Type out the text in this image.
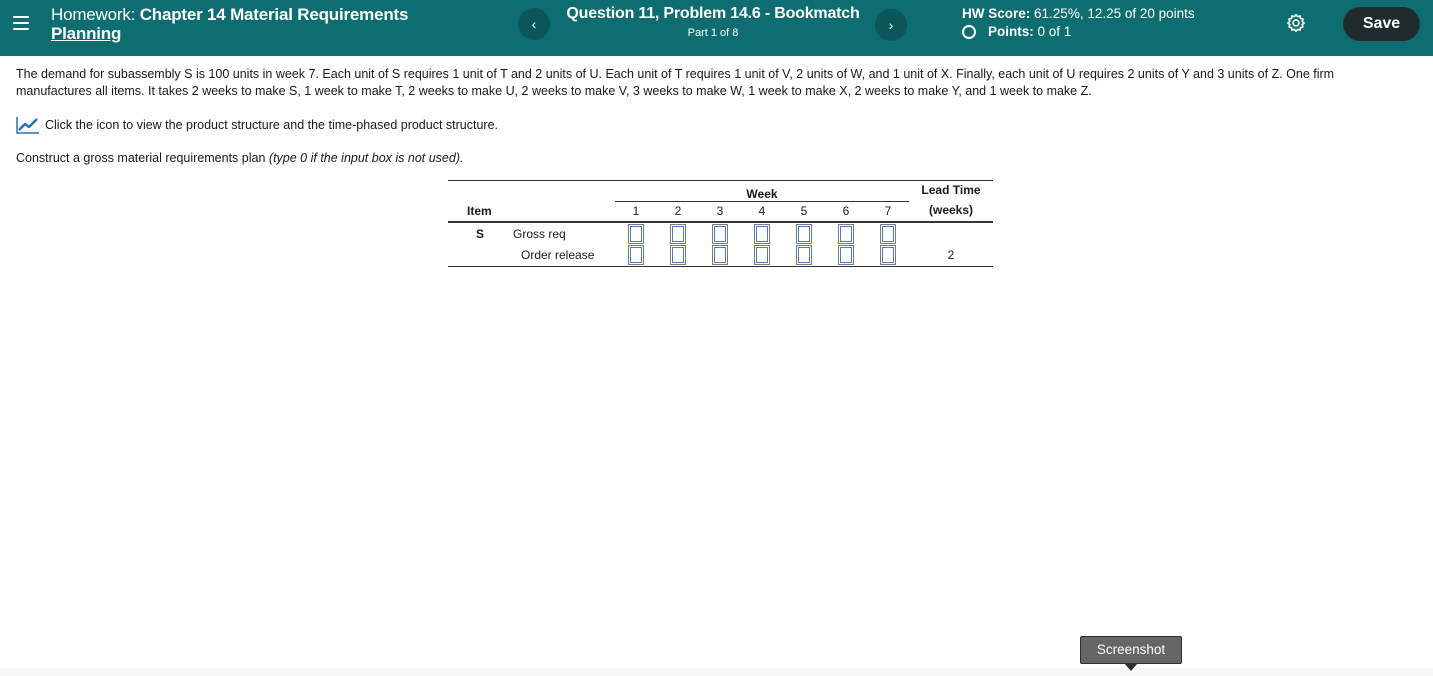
Homework: Chapter 14 Material Requirements
Planning	‹
Question 11, Problem 14.6 - Bookmatch
Part 1 of 8	›
HW Score: 61.25%, 12.25 of 20 points
Points:
0 of 1	Save
The demand for subassembly S is 100 units in week 7. Each unit of S requires 1 unit of T and 2 units of U. Each unit of T requires 1 unit of V, 2 units of W, and 1 unit of X. Finally, each unit of U requires 2 units of Y and 3 units of Z. One firm manufactures all items. It takes 2 weeks to make S, 1 week to make T, 2 weeks to make U, 2 weeks to make V, 3 weeks to make W, 1 week to make X, 2 weeks to make Y, and 1 week to make Z.
Click the icon to view the product structure and the time-phased product structure.
Construct a gross material requirements plan (type 0 if the input box is not used).
		Week							Lead Time
Item		1	2	3	4	5	6	7	(weeks)
S	Gross req								
	Order release								2
Screenshot
